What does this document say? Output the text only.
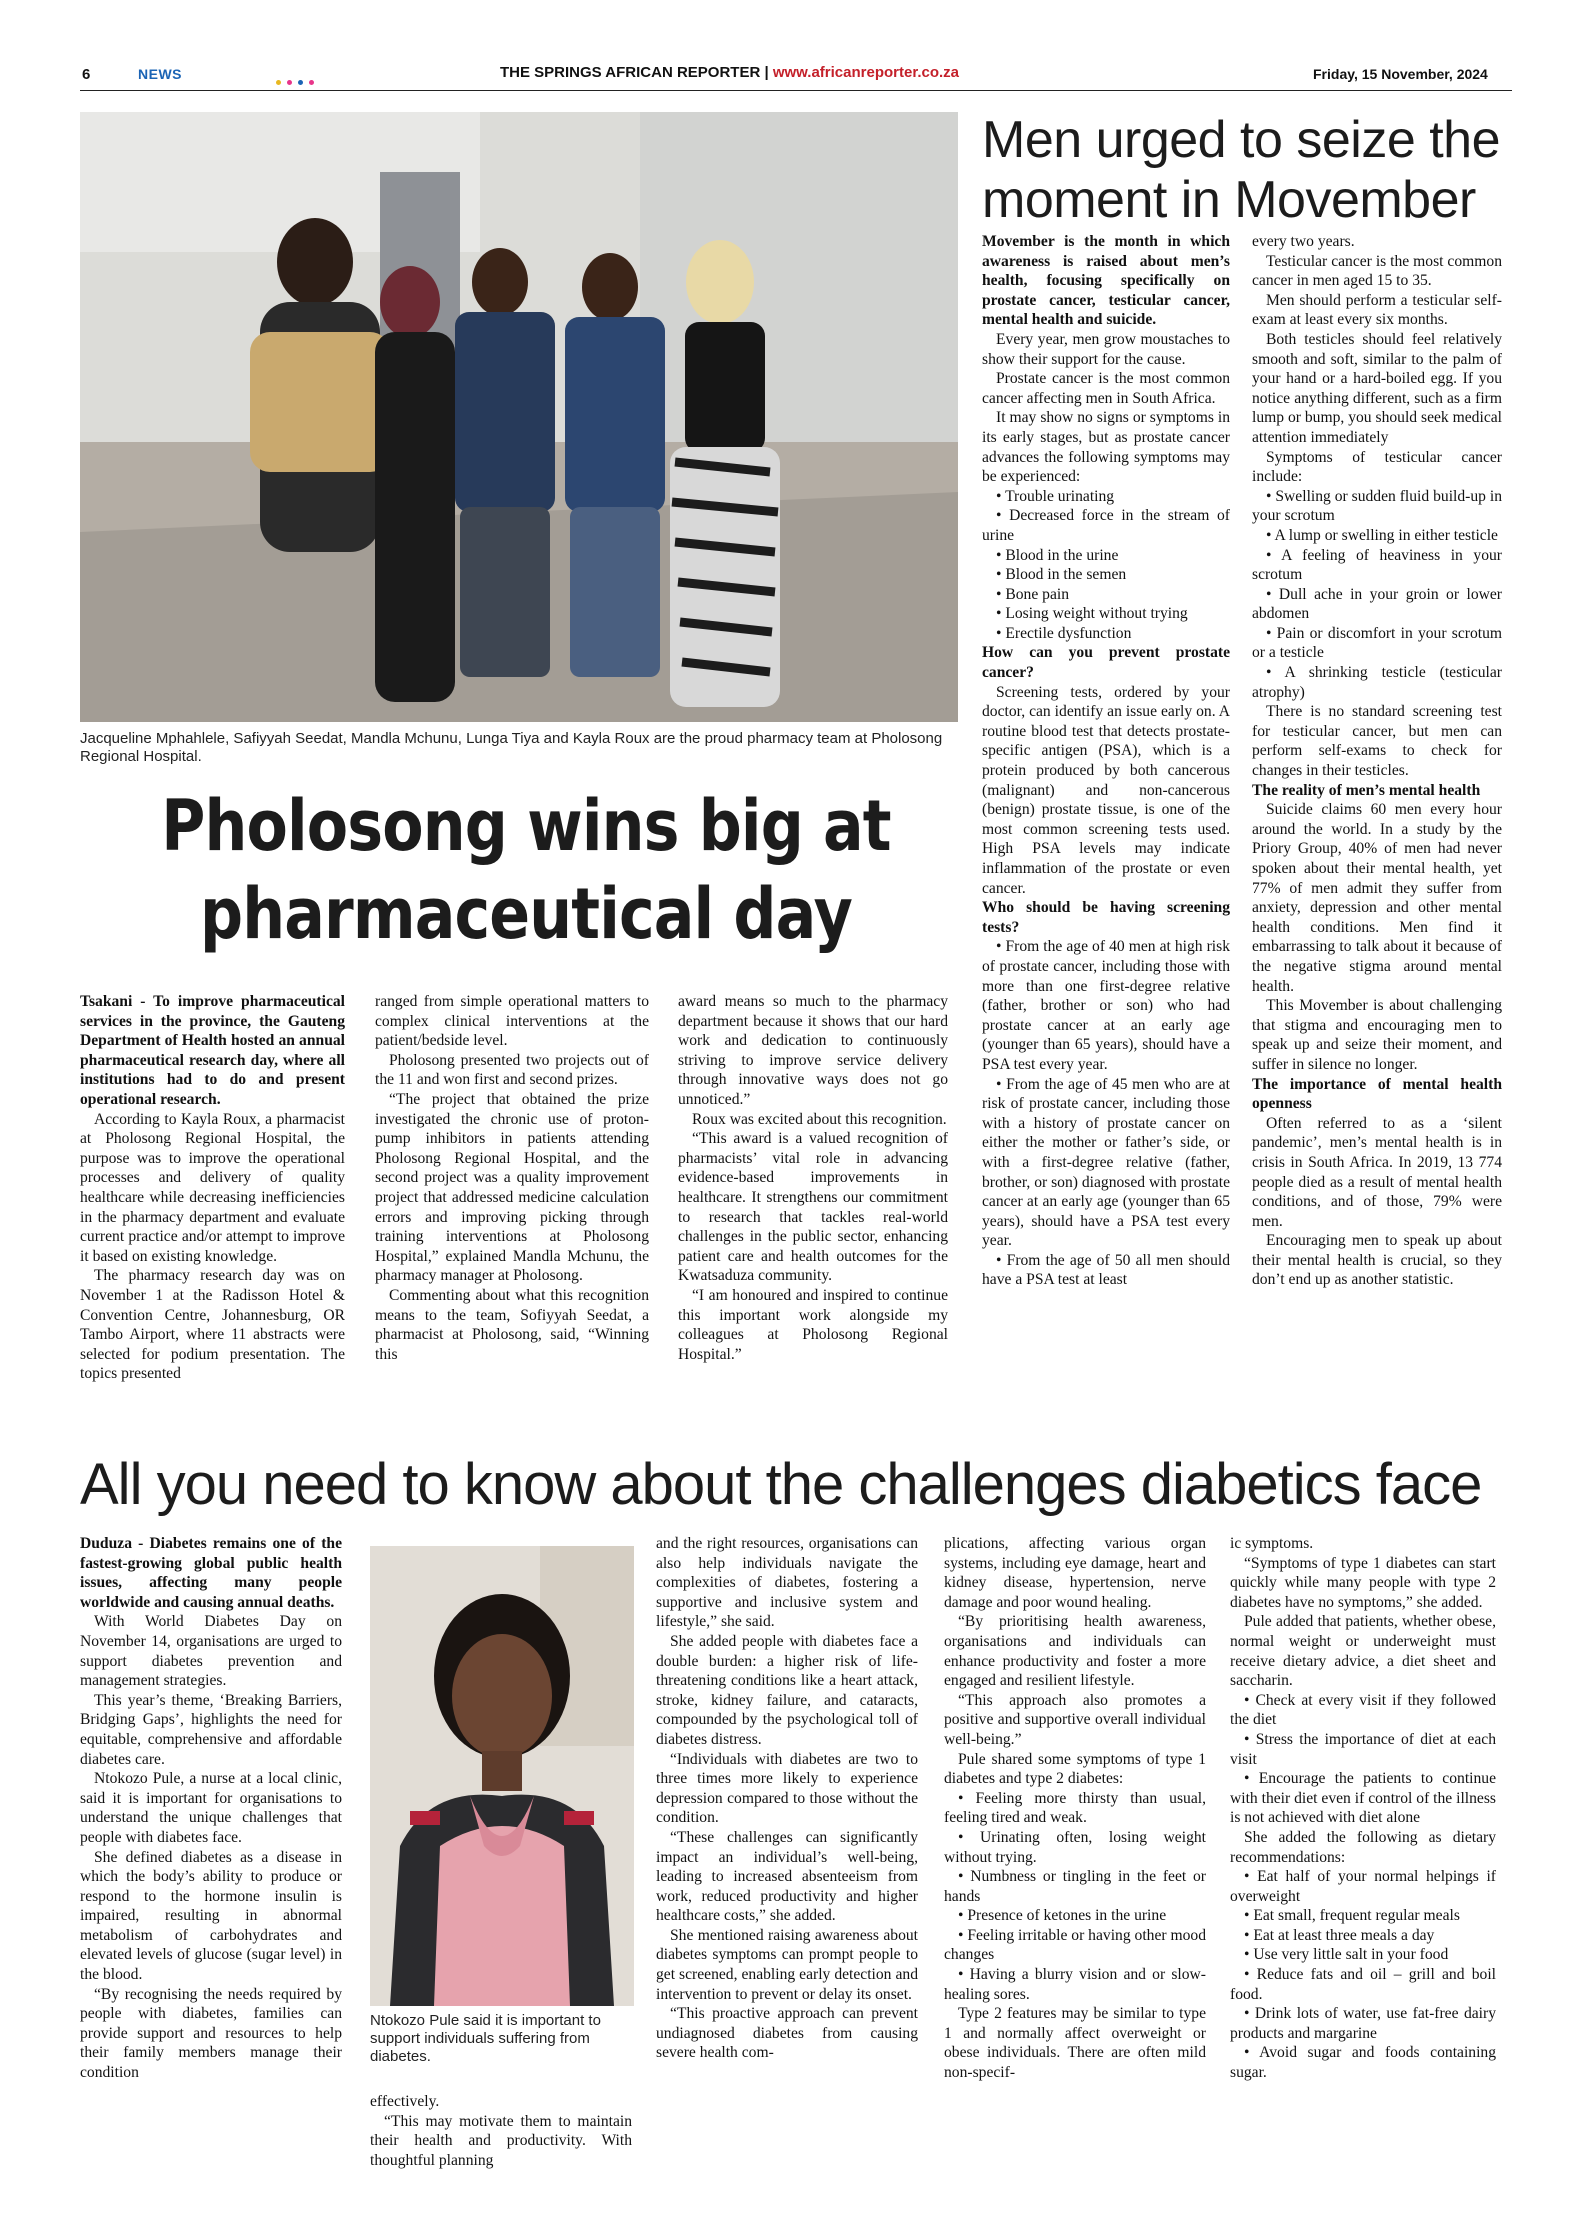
6	NEWS	THE SPRINGS AFRICAN REPORTER | www.africanreporter.co.za	Friday, 15 November, 2024
Jacqueline Mphahlele, Safiyyah Seedat, Mandla Mchunu, Lunga Tiya and Kayla Roux are the proud pharmacy team at Pholosong Regional Hospital.
Pholosong wins big at pharmaceutical day

Tsakani - To improve pharmaceutical services in the province, the Gauteng Department of Health hosted an annual pharmaceutical research day, where all institutions had to do and present operational research.

According to Kayla Roux, a pharmacist at Pholosong Regional Hospital, the purpose was to improve the operational processes and delivery of quality healthcare while decreasing inefficiencies in the pharmacy department and evaluate current practice and/or attempt to improve it based on existing knowledge.

The pharmacy research day was on November 1 at the Radisson Hotel & Convention Centre, Johannesburg, OR Tambo Airport, where 11 abstracts were selected for podium presentation. The topics presented

ranged from simple operational matters to complex clinical interventions at the patient/bedside level.

Pholosong presented two projects out of the 11 and won first and second prizes.

“The project that obtained the prize investigated the chronic use of proton-pump inhibitors in patients attending Pholosong Regional Hospital, and the second project was a quality improvement project that addressed medicine calculation errors and improving picking through training interventions at Pholosong Hospital,” explained Mandla Mchunu, the pharmacy manager at Pholosong.

Commenting about what this recognition means to the team, Sofiyyah Seedat, a pharmacist at Pholosong, said, “Winning this

award means so much to the pharmacy department because it shows that our hard work and dedication to continuously striving to improve service delivery through innovative ways does not go unnoticed.”

Roux was excited about this recognition.

“This award is a valued recognition of pharmacists’ vital role in advancing evidence-based improvements in healthcare. It strengthens our commitment to research that tackles real-world challenges in the public sector, enhancing patient care and health outcomes for the Kwatsaduza community.

“I am honoured and inspired to continue this important work alongside my colleagues at Pholosong Regional Hospital.”

Men urged to seize the moment in Movember

Movember is the month in which awareness is raised about men’s health, focusing specifically on prostate cancer, testicular cancer, mental health and suicide.

Every year, men grow moustaches to show their support for the cause.

Prostate cancer is the most common cancer affecting men in South Africa.

It may show no signs or symptoms in its early stages, but as prostate cancer advances the following symptoms may be experienced:

• Trouble urinating

• Decreased force in the stream of urine

• Blood in the urine

• Blood in the semen

• Bone pain

• Losing weight without trying

• Erectile dysfunction

How can you prevent prostate cancer?

Screening tests, ordered by your doctor, can identify an issue early on. A routine blood test that detects prostate-specific antigen (PSA), which is a protein produced by both cancerous (malignant) and non-cancerous (benign) prostate tissue, is one of the most common screening tests used. High PSA levels may indicate inflammation of the prostate or even cancer.

Who should be having screening tests?

• From the age of 40 men at high risk of prostate cancer, including those with more than one first-degree relative (father, brother or son) who had prostate cancer at an early age (younger than 65 years), should have a PSA test every year.

• From the age of 45 men who are at risk of prostate cancer, including those with a history of prostate cancer on either the mother or father’s side, or with a first-degree relative (father, brother, or son) diagnosed with prostate cancer at an early age (younger than 65 years), should have a PSA test every year.

• From the age of 50 all men should have a PSA test at least

every two years.

Testicular cancer is the most common cancer in men aged 15 to 35.

Men should perform a testicular self-exam at least every six months.

Both testicles should feel relatively smooth and soft, similar to the palm of your hand or a hard-boiled egg. If you notice anything different, such as a firm lump or bump, you should seek medical attention immediately

Symptoms of testicular cancer include:

• Swelling or sudden fluid build-up in your scrotum

• A lump or swelling in either testicle

• A feeling of heaviness in your scrotum

• Dull ache in your groin or lower abdomen

• Pain or discomfort in your scrotum or a testicle

• A shrinking testicle (testicular atrophy)

There is no standard screening test for testicular cancer, but men can perform self-exams to check for changes in their testicles.

The reality of men’s mental health

Suicide claims 60 men every hour around the world. In a study by the Priory Group, 40% of men had never spoken about their mental health, yet 77% of men admit they suffer from anxiety, depression and other mental health conditions. Men find it embarrassing to talk about it because of the negative stigma around mental health.

This Movember is about challenging that stigma and encouraging men to speak up and seize their moment, and suffer in silence no longer.

The importance of mental health openness

Often referred to as a ‘silent pandemic’, men’s mental health is in crisis in South Africa. In 2019, 13 774 people died as a result of mental health conditions, and of those, 79% were men.

Encouraging men to speak up about their mental health is crucial, so they don’t end up as another statistic.

All you need to know about the challenges diabetics face

Duduza - Diabetes remains one of the fastest-growing global public health issues, affecting many people worldwide and causing annual deaths.

With World Diabetes Day on November 14, organisations are urged to support diabetes prevention and management strategies.

This year’s theme, ‘Breaking Barriers, Bridging Gaps’, highlights the need for equitable, comprehensive and affordable diabetes care.

Ntokozo Pule, a nurse at a local clinic, said it is important for organisations to understand the unique challenges that people with diabetes face.

She defined diabetes as a disease in which the body’s ability to produce or respond to the hormone insulin is impaired, resulting in abnormal metabolism of carbohydrates and elevated levels of glucose (sugar level) in the blood.

“By recognising the needs required by people with diabetes, families can provide support and resources to help their family members manage their condition

Ntokozo Pule said it is important to support individuals suffering from diabetes.

effectively.

“This may motivate them to maintain their health and productivity. With thoughtful planning

and the right resources, organisations can also help individuals navigate the complexities of diabetes, fostering a supportive and inclusive system and lifestyle,” she said.

She added people with diabetes face a double burden: a higher risk of life-threatening conditions like a heart attack, stroke, kidney failure, and cataracts, compounded by the psychological toll of diabetes distress.

“Individuals with diabetes are two to three times more likely to experience depression compared to those without the condition.

“These challenges can significantly impact an individual’s well-being, leading to increased absenteeism from work, reduced productivity and higher healthcare costs,” she added.

She mentioned raising awareness about diabetes symptoms can prompt people to get screened, enabling early detection and intervention to prevent or delay its onset.

“This proactive approach can prevent undiagnosed diabetes from causing severe health com-

plications, affecting various organ systems, including eye damage, heart and kidney disease, hypertension, nerve damage and poor wound healing.

“By prioritising health awareness, organisations and individuals can enhance productivity and foster a more engaged and resilient lifestyle.

“This approach also promotes a positive and supportive overall individual well-being.”

Pule shared some symptoms of type 1 diabetes and type 2 diabetes:

• Feeling more thirsty than usual, feeling tired and weak.

• Urinating often, losing weight without trying.

• Numbness or tingling in the feet or hands

• Presence of ketones in the urine

• Feeling irritable or having other mood changes

• Having a blurry vision and or slow-healing sores.

Type 2 features may be similar to type 1 and normally affect overweight or obese individuals. There are often mild non-specif-

ic symptoms.

“Symptoms of type 1 diabetes can start quickly while many people with type 2 diabetes have no symptoms,” she added.

Pule added that patients, whether obese, normal weight or underweight must receive dietary advice, a diet sheet and saccharin.

• Check at every visit if they followed the diet

• Stress the importance of diet at each visit

• Encourage the patients to continue with their diet even if control of the illness is not achieved with diet alone

She added the following as dietary recommendations:

• Eat half of your normal helpings if overweight

• Eat small, frequent regular meals

• Eat at least three meals a day

• Use very little salt in your food

• Reduce fats and oil – grill and boil food.

• Drink lots of water, use fat-free dairy products and margarine

• Avoid sugar and foods containing sugar.
